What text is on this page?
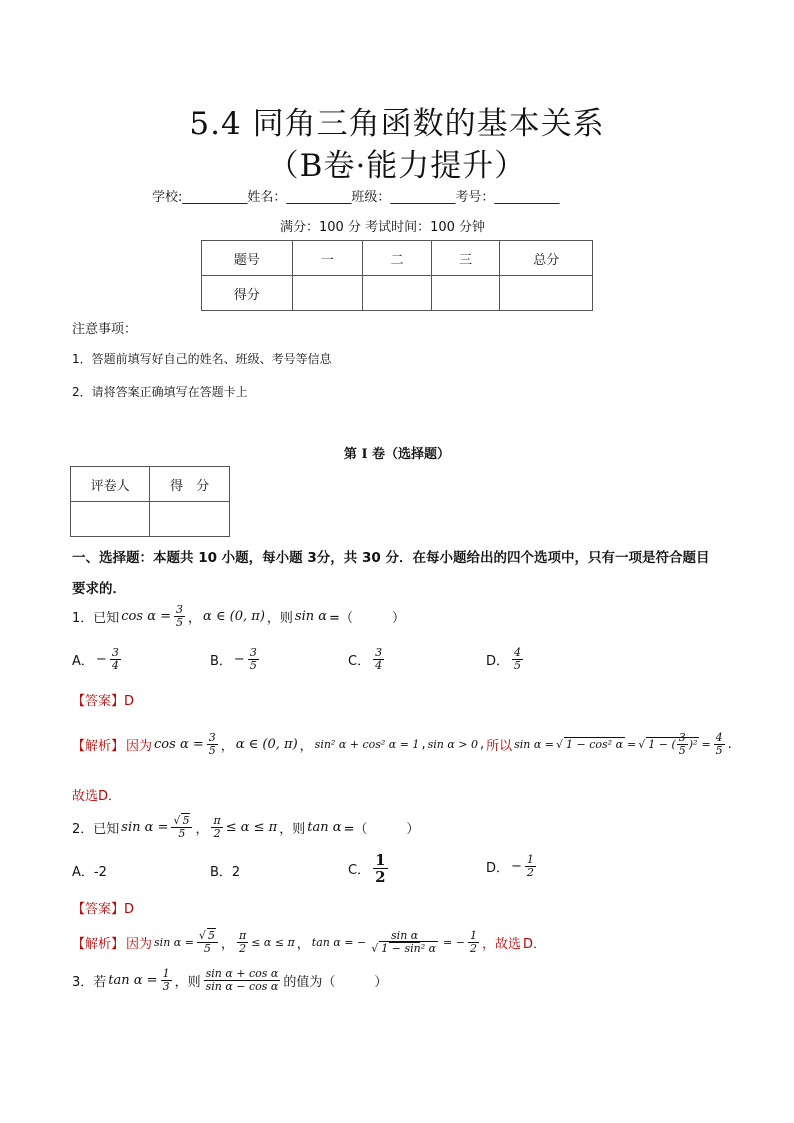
5.4 同角三角函数的基本关系
（B卷·能力提升）
学校:__________姓名：__________班级：__________考号：__________
满分：100 分 考试时间：100 分钟
题号	一	二	三	总分
得分				
注意事项：
1．答题前填写好自己的姓名、班级、考号等信息
2．请将答案正确填写在答题卡上
第 I 卷（选择题）
评卷人	得　分

一、选择题：本题共 10 小题，每小题 3分，共 30 分．在每小题给出的四个选项中，只有一项是符合题目
要求的．
1．已知 $\cos \alpha = \frac{3}{5}$ ， α ∈ (0, π) ，则 sin α =（　　　）
A． − $\frac{3}{4}$	B． − $\frac{3}{5}$	C． $\frac{3}{4}$	D． $\frac{4}{5}$
【答案】D
【解析】 因为 $\cos \alpha = \frac{3}{5}$ ， α ∈ (0, π) ， sin² α + cos² α = 1 , sin α > 0 , 所以 sin α =	√ 1 − cos² α =	√ 1 − ( $\frac{3}{5} )^2 = \frac{4}{5}$ .
故选D．
2．已知 sin α = √ $\frac{5}{5}$ ， $\frac{\pi}{2} \le \alpha \le \pi$ ，则 tan α =（　　　）
A．-2	B．2	C． $\frac{1}{2}$	D． − $\frac{1}{2}$
【答案】D
【解析】 因为 sin α = √ $\frac{5}{5}$ ， $\frac{\pi}{2} \le \alpha \le \pi$ ， tan α = − sin α
√ 1 − sin² α = − $\frac{1}{2}$ ，故选 D．
3．若 $\tan \alpha = \frac{1}{3}$ ，则 $\frac{\text{sin α + cos α}}{\text{sin α − cos α}}$ 的值为（　　　）
